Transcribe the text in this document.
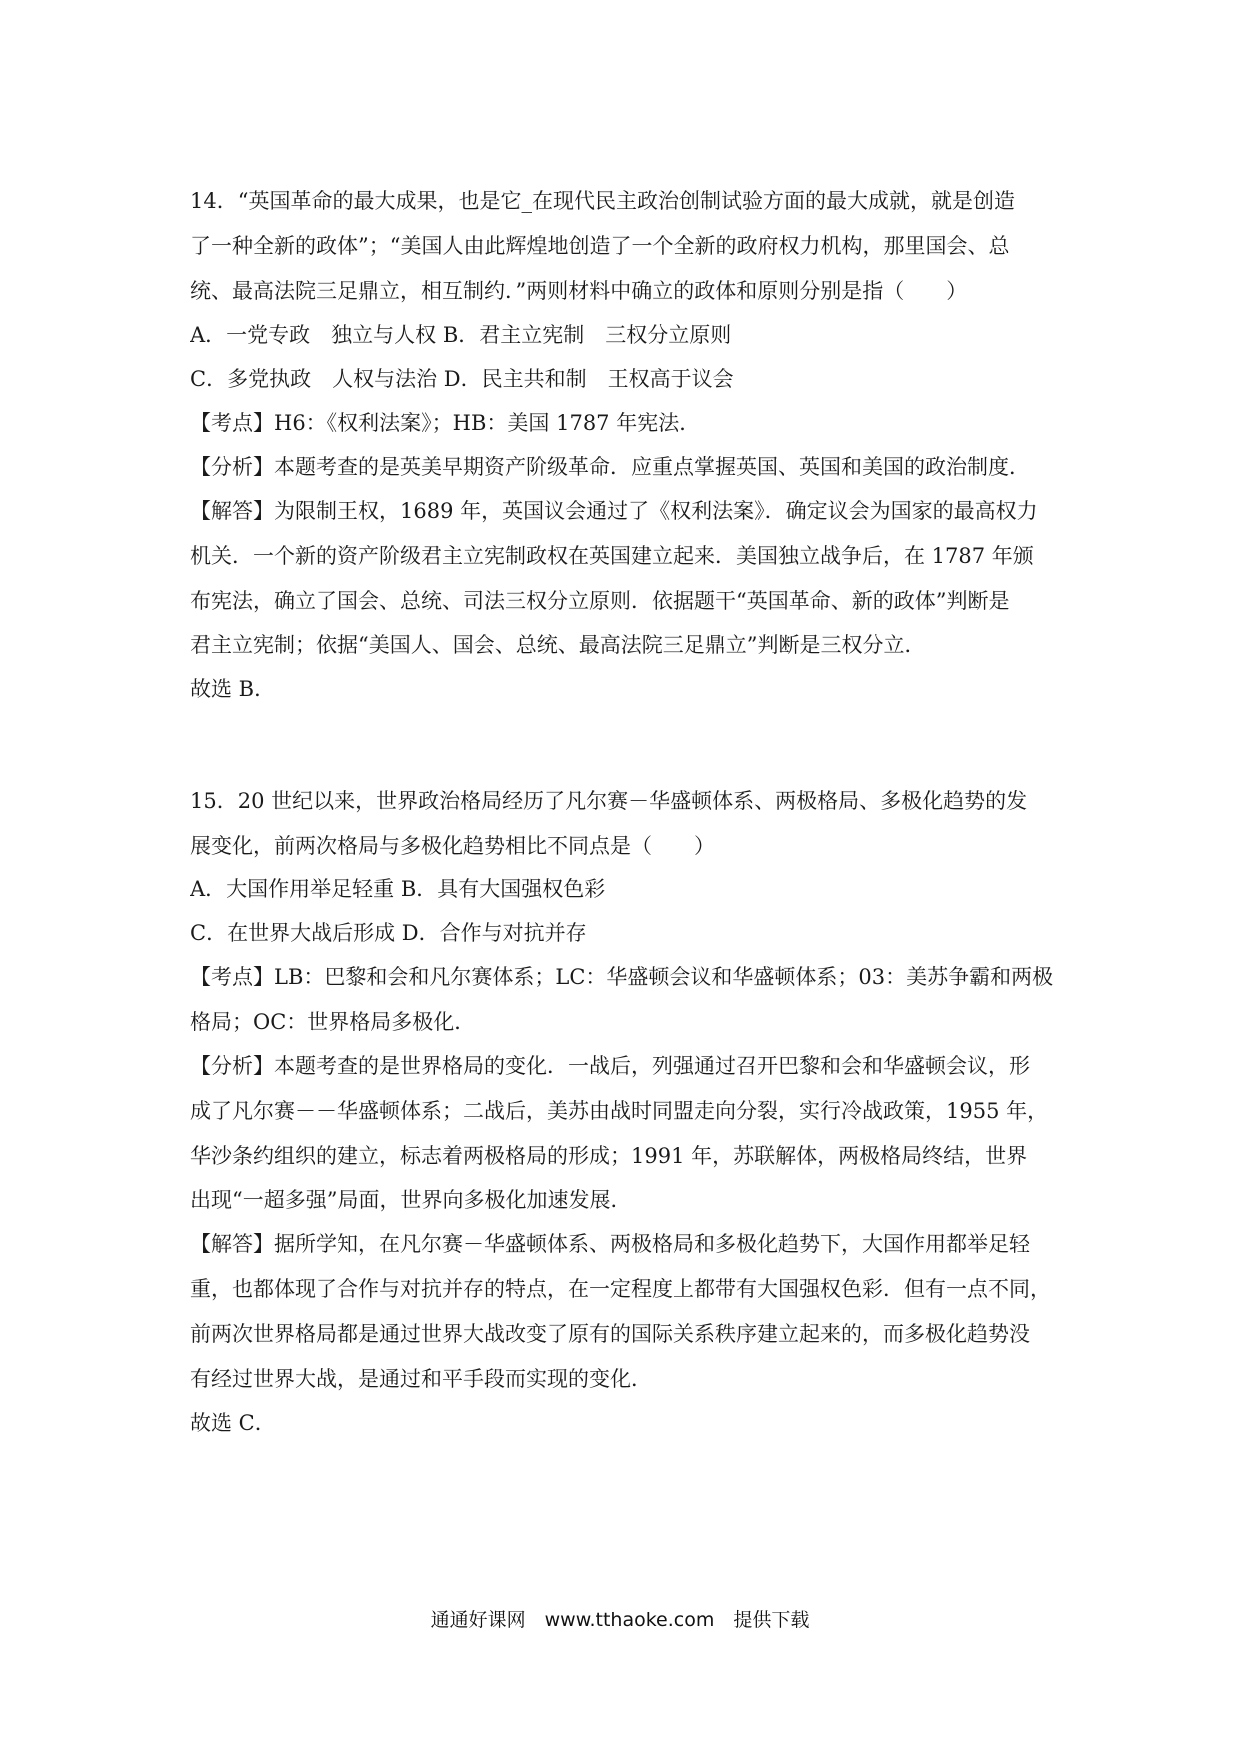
14．“英国革命的最大成果，也是它_在现代民主政治创制试验方面的最大成就，就是创造
了一种全新的政体”；“美国人由此辉煌地创造了一个全新的政府权力机构，那里国会、总
统、最高法院三足鼎立，相互制约．”两则材料中确立的政体和原则分别是指（　　）
A．一党专政　独立与人权 B．君主立宪制　三权分立原则
C．多党执政　人权与法治 D．民主共和制　王权高于议会
【考点】H6：《权利法案》；HB：美国 1787 年宪法．
【分析】本题考查的是英美早期资产阶级革命．应重点掌握英国、英国和美国的政治制度．
【解答】为限制王权，1689 年，英国议会通过了《权利法案》．确定议会为国家的最高权力
机关．一个新的资产阶级君主立宪制政权在英国建立起来．美国独立战争后，在 1787 年颁
布宪法，确立了国会、总统、司法三权分立原则．依据题干“英国革命、新的政体”判断是
君主立宪制；依据“美国人、国会、总统、最高法院三足鼎立”判断是三权分立．
故选 B．
15．20 世纪以来，世界政治格局经历了凡尔赛－华盛顿体系、两极格局、多极化趋势的发
展变化，前两次格局与多极化趋势相比不同点是（　　）
A．大国作用举足轻重 B．具有大国强权色彩
C．在世界大战后形成 D．合作与对抗并存
【考点】LB：巴黎和会和凡尔赛体系；LC：华盛顿会议和华盛顿体系；03：美苏争霸和两极
格局；OC：世界格局多极化．
【分析】本题考查的是世界格局的变化．一战后，列强通过召开巴黎和会和华盛顿会议，形
成了凡尔赛－－华盛顿体系；二战后，美苏由战时同盟走向分裂，实行冷战政策，1955 年，
华沙条约组织的建立，标志着两极格局的形成；1991 年，苏联解体，两极格局终结，世界
出现“一超多强”局面，世界向多极化加速发展．
【解答】据所学知，在凡尔赛－华盛顿体系、两极格局和多极化趋势下，大国作用都举足轻
重，也都体现了合作与对抗并存的特点，在一定程度上都带有大国强权色彩．但有一点不同，
前两次世界格局都是通过世界大战改变了原有的国际关系秩序建立起来的，而多极化趋势没
有经过世界大战，是通过和平手段而实现的变化．
故选 C．
通通好课网　www.tthaoke.com　提供下载
